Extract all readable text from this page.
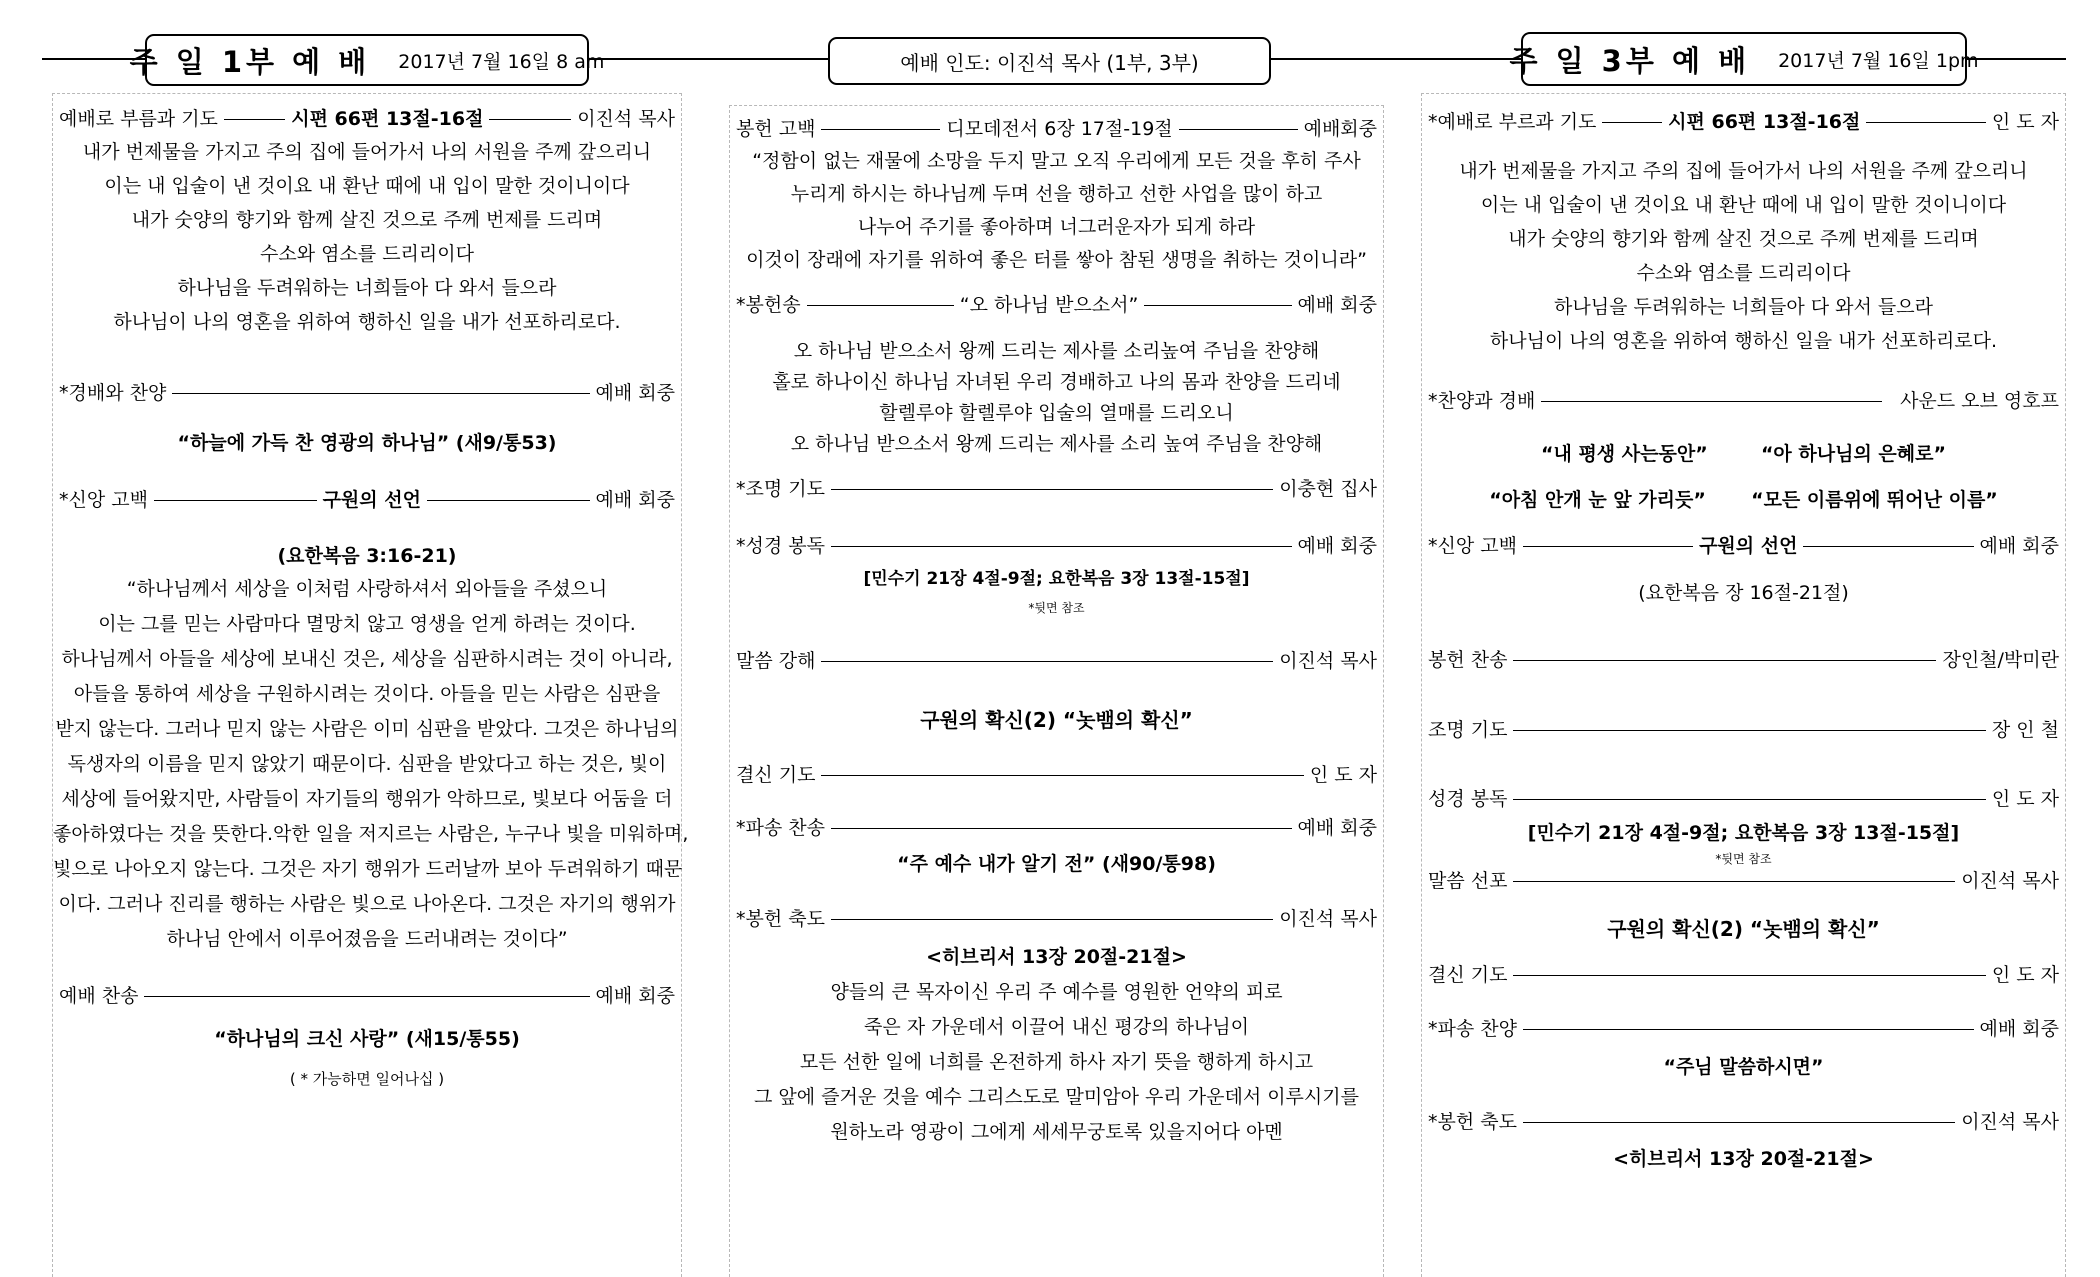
주 일 1부 예 배 2017년 7월 16일 8 am	예배 인도: 이진석 목사 (1부, 3부)	주 일 3부 예 배 2017년 7월 16일 1pm
예배로 부름과 기도	시편 66편 13절-16절	이진석 목사
내가 번제물을 가지고 주의 집에 들어가서 나의 서원을 주께 갚으리니
이는 내 입술이 낸 것이요 내 환난 때에 내 입이 말한 것이니이다
내가 숫양의 향기와 함께 살진 것으로 주께 번제를 드리며
수소와 염소를 드리리이다
하나님을 두려워하는 너희들아 다 와서 들으라
하나님이 나의 영혼을 위하여 행하신 일을 내가 선포하리로다.
*경배와 찬양	예배 회중
“하늘에 가득 찬 영광의 하나님” (새9/통53)
*신앙 고백	구원의 선언	예배 회중
(요한복음 3:16-21)
“하나님께서 세상을 이처럼 사랑하셔서 외아들을 주셨으니
이는 그를 믿는 사람마다 멸망치 않고 영생을 얻게 하려는 것이다.
하나님께서 아들을 세상에 보내신 것은, 세상을 심판하시려는 것이 아니라,
아들을 통하여 세상을 구원하시려는 것이다. 아들을 믿는 사람은 심판을
받지 않는다. 그러나 믿지 않는 사람은 이미 심판을 받았다. 그것은 하나님의
독생자의 이름을 믿지 않았기 때문이다. 심판을 받았다고 하는 것은, 빛이
세상에 들어왔지만, 사람들이 자기들의 행위가 악하므로, 빛보다 어둠을 더
좋아하였다는 것을 뜻한다.악한 일을 저지르는 사람은, 누구나 빛을 미워하며,
빛으로 나아오지 않는다. 그것은 자기 행위가 드러날까 보아 두려워하기 때문
이다. 그러나 진리를 행하는 사람은 빛으로 나아온다. 그것은 자기의 행위가
하나님 안에서 이루어졌음을 드러내려는 것이다”
예배 찬송	예배 회중
“하나님의 크신 사랑” (새15/통55)
( * 가능하면 일어나십 )
봉헌 고백	디모데전서 6장 17절-19절	예배회중
“정함이 없는 재물에 소망을 두지 말고 오직 우리에게 모든 것을 후히 주사
누리게 하시는 하나님께 두며 선을 행하고 선한 사업을 많이 하고
나누어 주기를 좋아하며 너그러운자가 되게 하라
이것이 장래에 자기를 위하여 좋은 터를 쌓아 참된 생명을 취하는 것이니라”
*봉헌송	“오 하나님 받으소서”	예배 회중
오 하나님 받으소서 왕께 드리는 제사를 소리높여 주님을 찬양해
홀로 하나이신 하나님 자녀된 우리 경배하고 나의 몸과 찬양을 드리네
할렐루야 할렐루야 입술의 열매를 드리오니
오 하나님 받으소서 왕께 드리는 제사를 소리 높여 주님을 찬양해
*조명 기도	이충현 집사
*성경 봉독	예배 회중
[민수기 21장 4절-9절; 요한복음 3장 13절-15절]
*뒷면 참조
말씀 강해	이진석 목사
구원의 확신(2) “놋뱀의 확신”
결신 기도	인 도 자
*파송 찬송	예배 회중
“주 예수 내가 알기 전” (새90/통98)
*봉헌 축도	이진석 목사
<히브리서 13장 20절-21절>
양들의 큰 목자이신 우리 주 예수를 영원한 언약의 피로
죽은 자 가운데서 이끌어 내신 평강의 하나님이
모든 선한 일에 너희를 온전하게 하사 자기 뜻을 행하게 하시고
그 앞에 즐거운 것을 예수 그리스도로 말미암아 우리 가운데서 이루시기를
원하노라 영광이 그에게 세세무궁토록 있을지어다 아멘
*예배로 부르과 기도	시편 66편 13절-16절	인 도 자
내가 번제물을 가지고 주의 집에 들어가서 나의 서원을 주께 갚으리니
이는 내 입술이 낸 것이요 내 환난 때에 내 입이 말한 것이니이다
내가 숫양의 향기와 함께 살진 것으로 주께 번제를 드리며
수소와 염소를 드리리이다
하나님을 두려워하는 너희들아 다 와서 들으라
하나님이 나의 영혼을 위하여 행하신 일을 내가 선포하리로다.
*찬양과 경배	사운드 오브 영호프
“내 평생 사는동안”	“아 하나님의 은혜로”
“아침 안개 눈 앞 가리듯” “모든 이름위에 뛰어난 이름”
*신앙 고백	구원의 선언	예배 회중
(요한복음 장 16절-21절)
봉헌 찬송	장인철/박미란
조명 기도	장 인 철
성경 봉독	인 도 자
[민수기 21장 4절-9절; 요한복음 3장 13절-15절]
*뒷면 참조
말씀 선포	이진석 목사
구원의 확신(2) “놋뱀의 확신”
결신 기도	인 도 자
*파송 찬양	예배 회중
“주님 말씀하시면”
*봉헌 축도	이진석 목사
<히브리서 13장 20절-21절>
